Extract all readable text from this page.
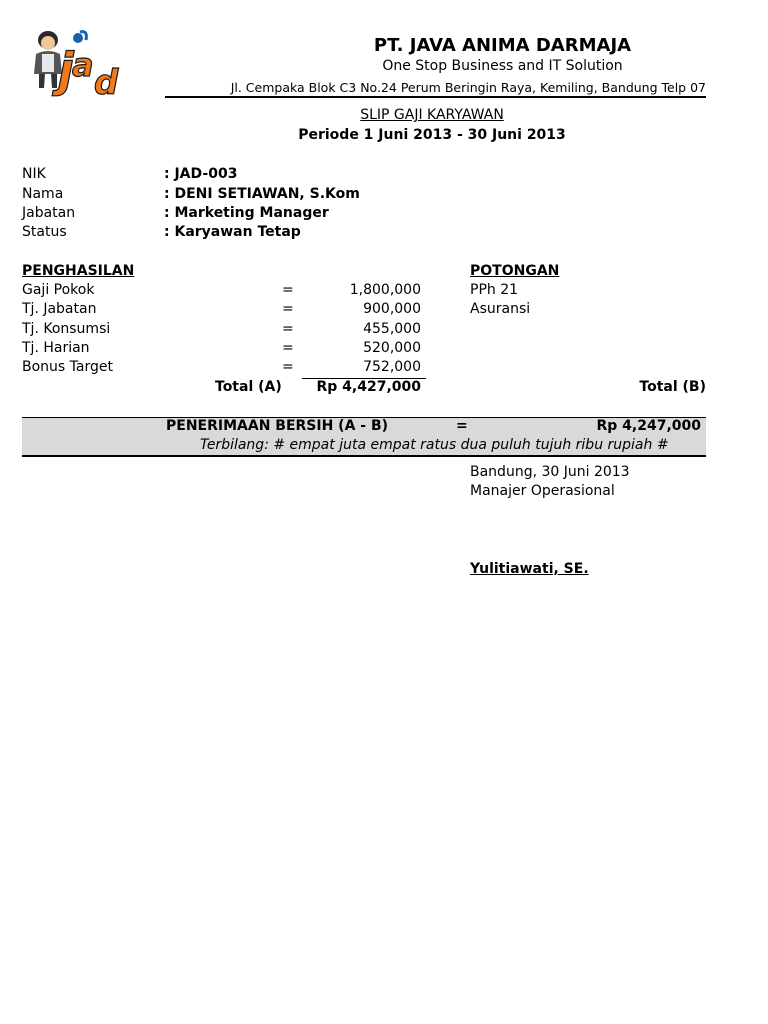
j
a d
PT. JAVA ANIMA DARMAJA
One Stop Business and IT Solution
Jl. Cempaka Blok C3 No.24 Perum Beringin Raya, Kemiling, Bandung Telp 07
SLIP GAJI KARYAWAN
Periode 1 Juni 2013 - 30 Juni 2013
NIK	: JAD-003
Nama	: DENI SETIAWAN, S.Kom
Jabatan	: Marketing Manager
Status	: Karyawan Tetap
PENGHASILAN
Gaji Pokok	=	1,800,000
Tj. Jabatan	=	900,000
Tj. Konsumsi	=	455,000
Tj. Harian	=	520,000
Bonus Target	=	752,000
Total (A) Rp 4,427,000
POTONGAN
PPh 21
Asuransi
Total (B)
PENERIMAAN BERSIH (A - B)	=	Rp 4,247,000
Terbilang: # empat juta empat ratus dua puluh tujuh ribu rupiah #
Bandung, 30 Juni 2013
Manajer Operasional
Yulitiawati, SE.
